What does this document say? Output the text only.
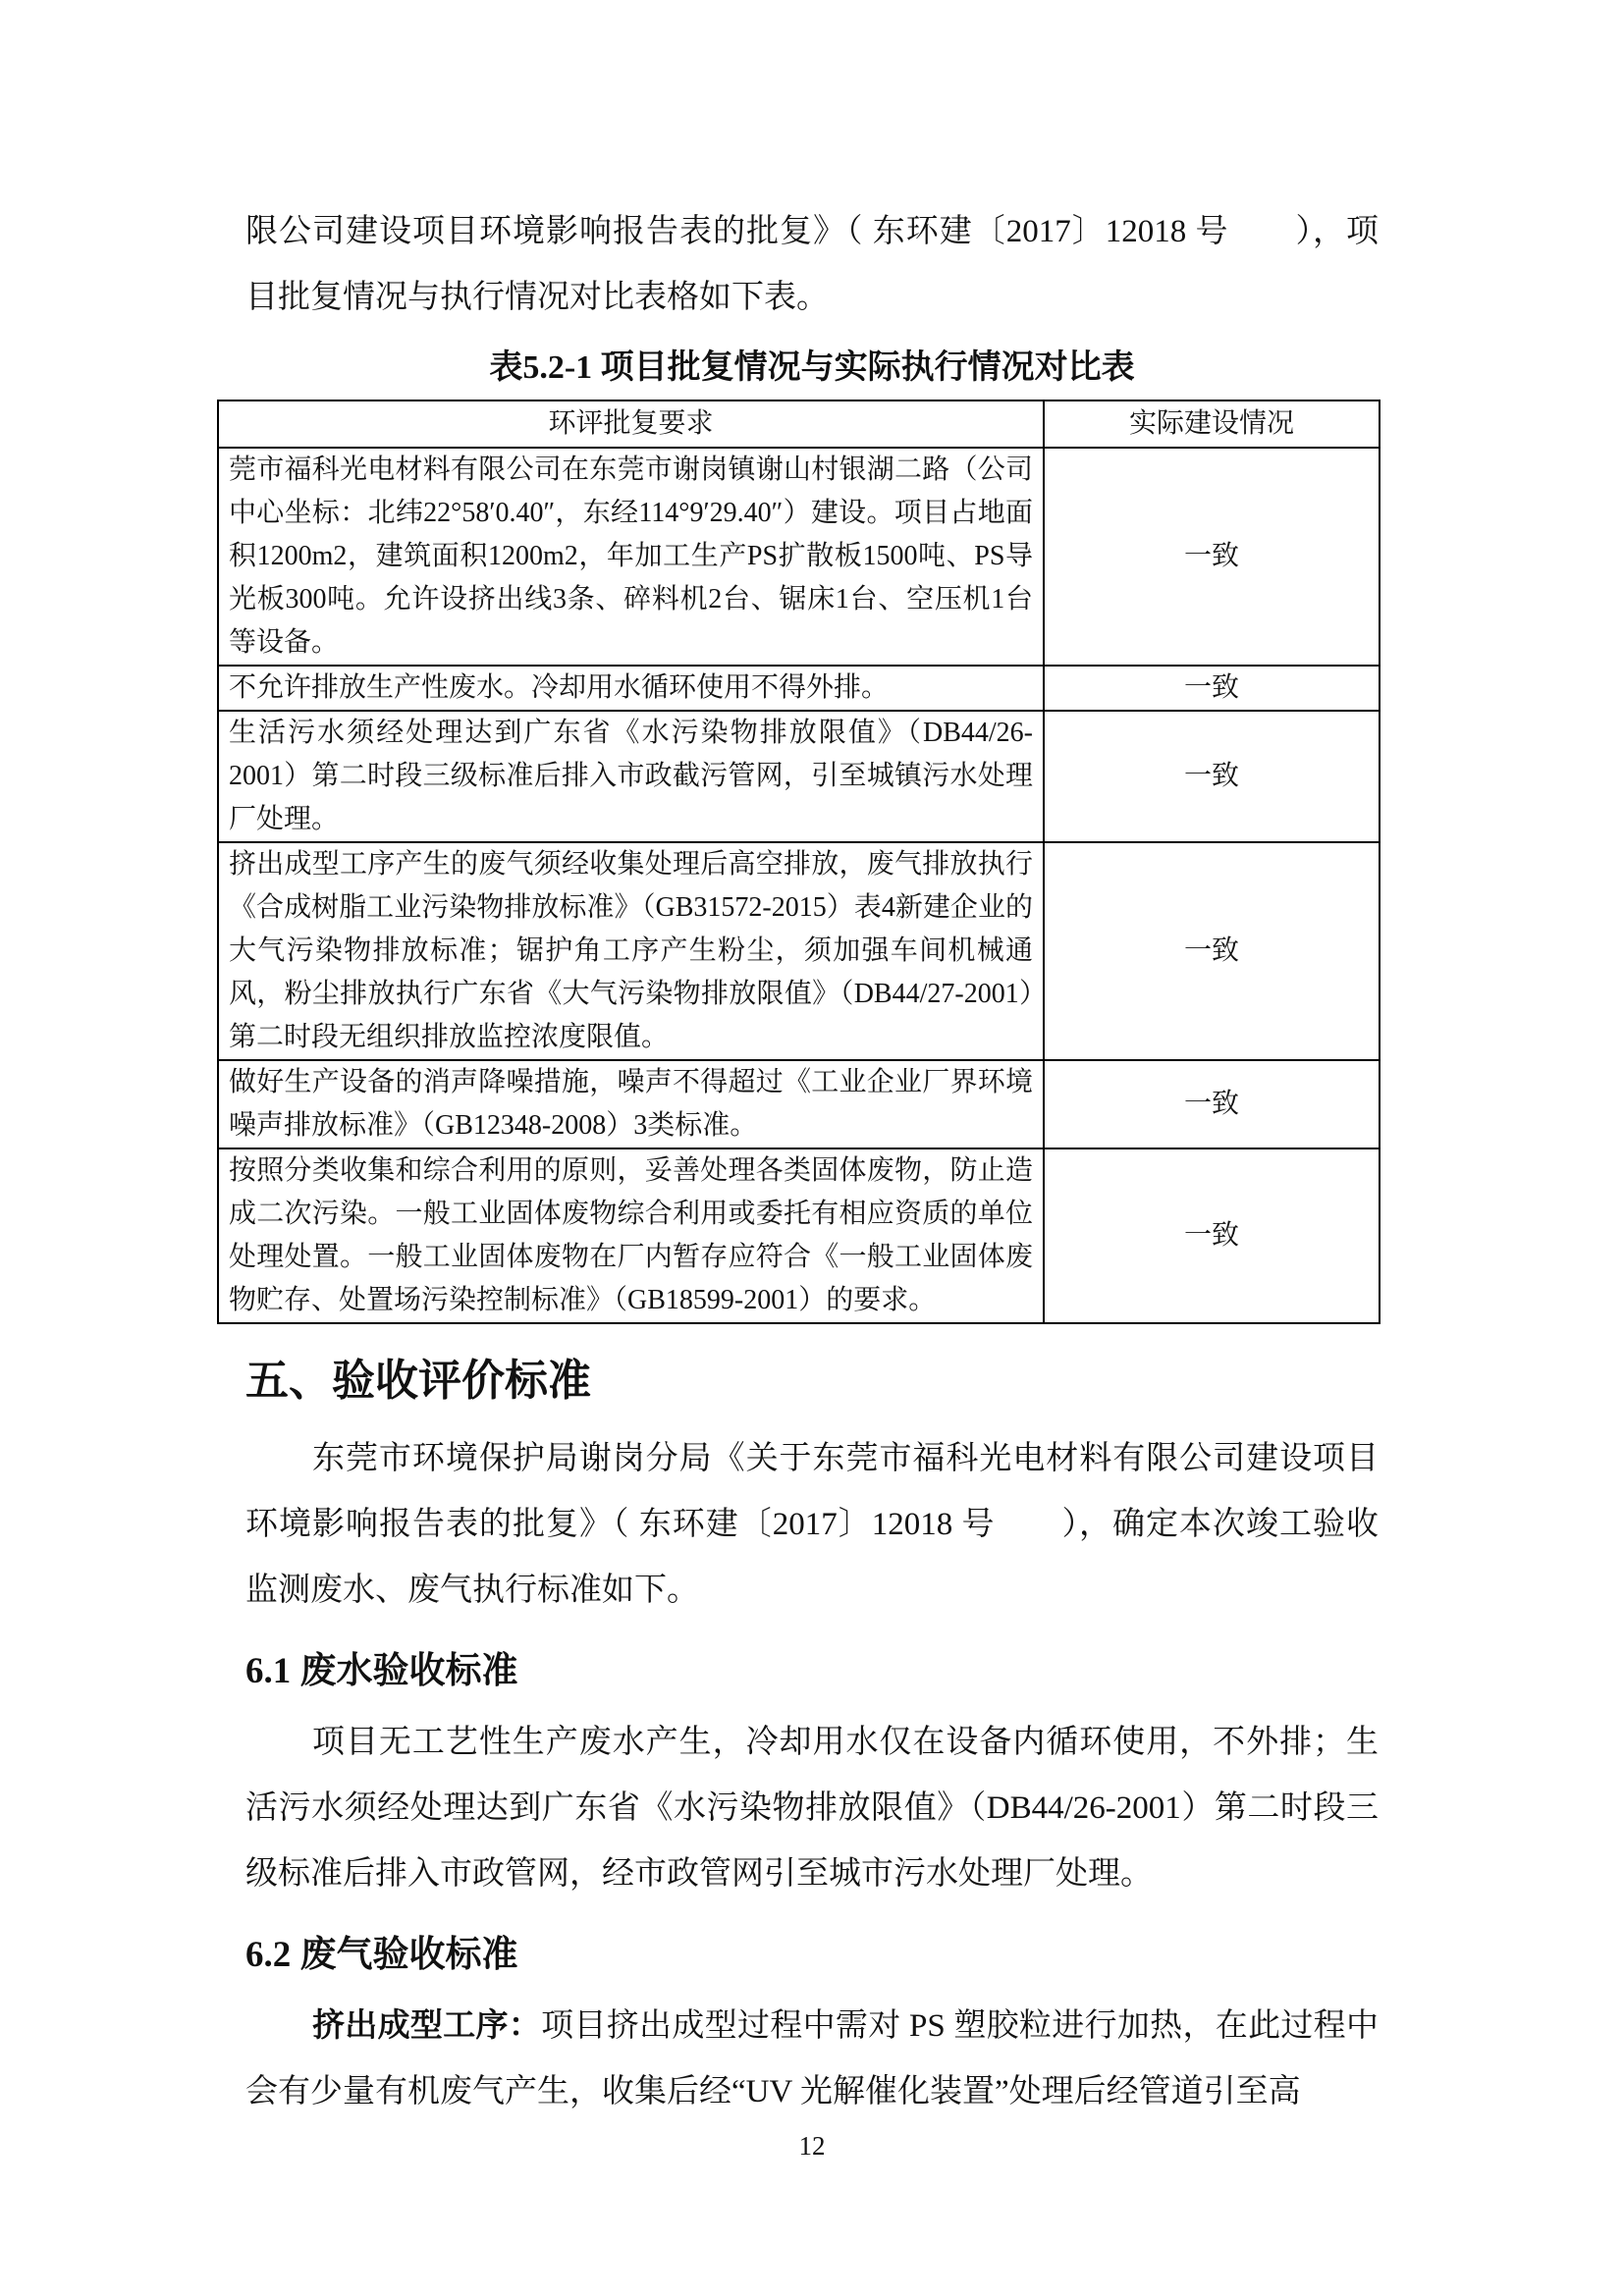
限公司建设项目环境影响报告表的批复》（ 东环建〔2017〕12018 号　　），项目批复情况与执行情况对比表格如下表。

表5.2-1 项目批复情况与实际执行情况对比表
环评批复要求	实际建设情况
莞市福科光电材料有限公司在东莞市谢岗镇谢山村银湖二路（公司中心坐标：北纬22°58′0.40″，东经114°9′29.40″）建设。项目占地面积1200m2，建筑面积1200m2，年加工生产PS扩散板1500吨、PS导光板300吨。允许设挤出线3条、碎料机2台、锯床1台、空压机1台等设备。	一致
不允许排放生产性废水。冷却用水循环使用不得外排。	一致
生活污水须经处理达到广东省《水污染物排放限值》（DB44/26-2001）第二时段三级标准后排入市政截污管网，引至城镇污水处理厂处理。	一致
挤出成型工序产生的废气须经收集处理后高空排放，废气排放执行《合成树脂工业污染物排放标准》（GB31572-2015）表4新建企业的大气污染物排放标准；锯护角工序产生粉尘，须加强车间机械通风，粉尘排放执行广东省《大气污染物排放限值》（DB44/27-2001）第二时段无组织排放监控浓度限值。	一致
做好生产设备的消声降噪措施，噪声不得超过《工业企业厂界环境噪声排放标准》（GB12348-2008）3类标准。	一致
按照分类收集和综合利用的原则，妥善处理各类固体废物，防止造成二次污染。一般工业固体废物综合利用或委托有相应资质的单位处理处置。一般工业固体废物在厂内暂存应符合《一般工业固体废物贮存、处置场污染控制标准》（GB18599-2001）的要求。	一致
五、验收评价标准

东莞市环境保护局谢岗分局《关于东莞市福科光电材料有限公司建设项目环境影响报告表的批复》（ 东环建〔2017〕12018 号　　），确定本次竣工验收监测废水、废气执行标准如下。

6.1 废水验收标准

项目无工艺性生产废水产生，冷却用水仅在设备内循环使用，不外排；生活污水须经处理达到广东省《水污染物排放限值》（DB44/26-2001）第二时段三级标准后排入市政管网，经市政管网引至城市污水处理厂处理。

6.2 废气验收标准

挤出成型工序：项目挤出成型过程中需对 PS 塑胶粒进行加热，在此过程中会有少量有机废气产生，收集后经“UV 光解催化装置”处理后经管道引至高

12
